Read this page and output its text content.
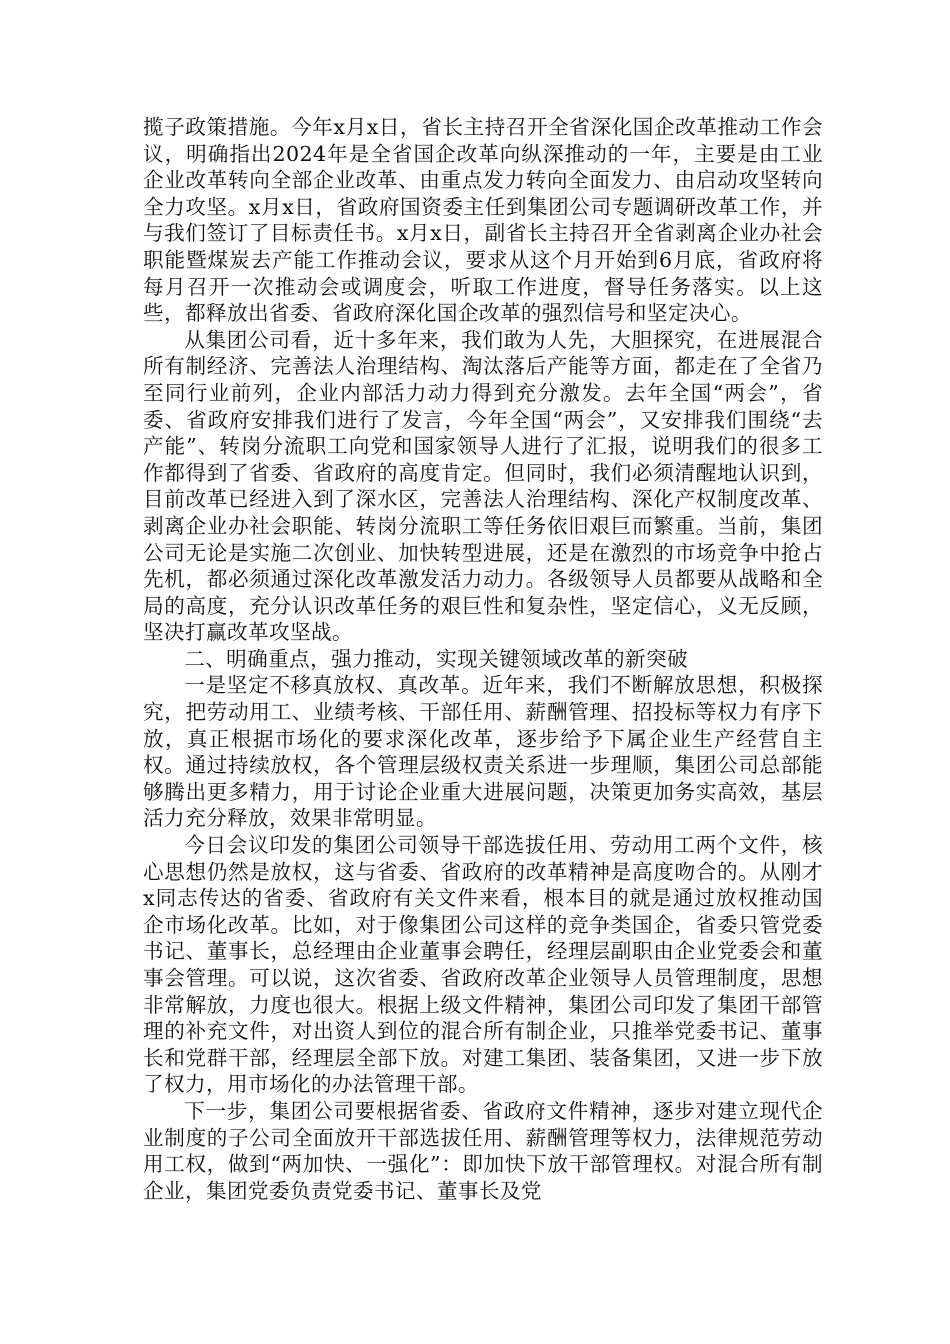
揽子政策措施。今年x月x日，省长主持召开全省深化国企改革推动工作会议，明确指出2024年是全省国企改革向纵深推动的一年，主要是由工业企业改革转向全部企业改革、由重点发力转向全面发力、由启动攻坚转向全力攻坚。x月x日，省政府国资委主任到集团公司专题调研改革工作，并与我们签订了目标责任书。x月x日，副省长主持召开全省剥离企业办社会职能暨煤炭去产能工作推动会议，要求从这个月开始到6月底，省政府将每月召开一次推动会或调度会，听取工作进度，督导任务落实。以上这些，都释放出省委、省政府深化国企改革的强烈信号和坚定决心。

从集团公司看，近十多年来，我们敢为人先，大胆探究，在进展混合所有制经济、完善法人治理结构、淘汰落后产能等方面，都走在了全省乃至同行业前列，企业内部活力动力得到充分激发。去年全国“两会”，省委、省政府安排我们进行了发言，今年全国“两会”，又安排我们围绕“去产能”、转岗分流职工向党和国家领导人进行了汇报，说明我们的很多工作都得到了省委、省政府的高度肯定。但同时，我们必须清醒地认识到，目前改革已经进入到了深水区，完善法人治理结构、深化产权制度改革、剥离企业办社会职能、转岗分流职工等任务依旧艰巨而繁重。当前，集团公司无论是实施二次创业、加快转型进展，还是在激烈的市场竞争中抢占先机，都必须通过深化改革激发活力动力。各级领导人员都要从战略和全局的高度，充分认识改革任务的艰巨性和复杂性，坚定信心，义无反顾，坚决打赢改革攻坚战。

二、明确重点，强力推动，实现关键领域改革的新突破

一是坚定不移真放权、真改革。近年来，我们不断解放思想，积极探究，把劳动用工、业绩考核、干部任用、薪酬管理、招投标等权力有序下放，真正根据市场化的要求深化改革，逐步给予下属企业生产经营自主权。通过持续放权，各个管理层级权责关系进一步理顺，集团公司总部能够腾出更多精力，用于讨论企业重大进展问题，决策更加务实高效，基层活力充分释放，效果非常明显。

今日会议印发的集团公司领导干部选拔任用、劳动用工两个文件，核心思想仍然是放权，这与省委、省政府的改革精神是高度吻合的。从刚才x同志传达的省委、省政府有关文件来看，根本目的就是通过放权推动国企市场化改革。比如，对于像集团公司这样的竞争类国企，省委只管党委书记、董事长，总经理由企业董事会聘任，经理层副职由企业党委会和董事会管理。可以说，这次省委、省政府改革企业领导人员管理制度，思想非常解放，力度也很大。根据上级文件精神，集团公司印发了集团干部管理的补充文件，对出资人到位的混合所有制企业，只推举党委书记、董事长和党群干部，经理层全部下放。对建工集团、装备集团，又进一步下放了权力，用市场化的办法管理干部。

下一步，集团公司要根据省委、省政府文件精神，逐步对建立现代企业制度的子公司全面放开干部选拔任用、薪酬管理等权力，法律规范劳动用工权，做到“两加快、一强化”：即加快下放干部管理权。对混合所有制企业，集团党委负责党委书记、董事长及党
